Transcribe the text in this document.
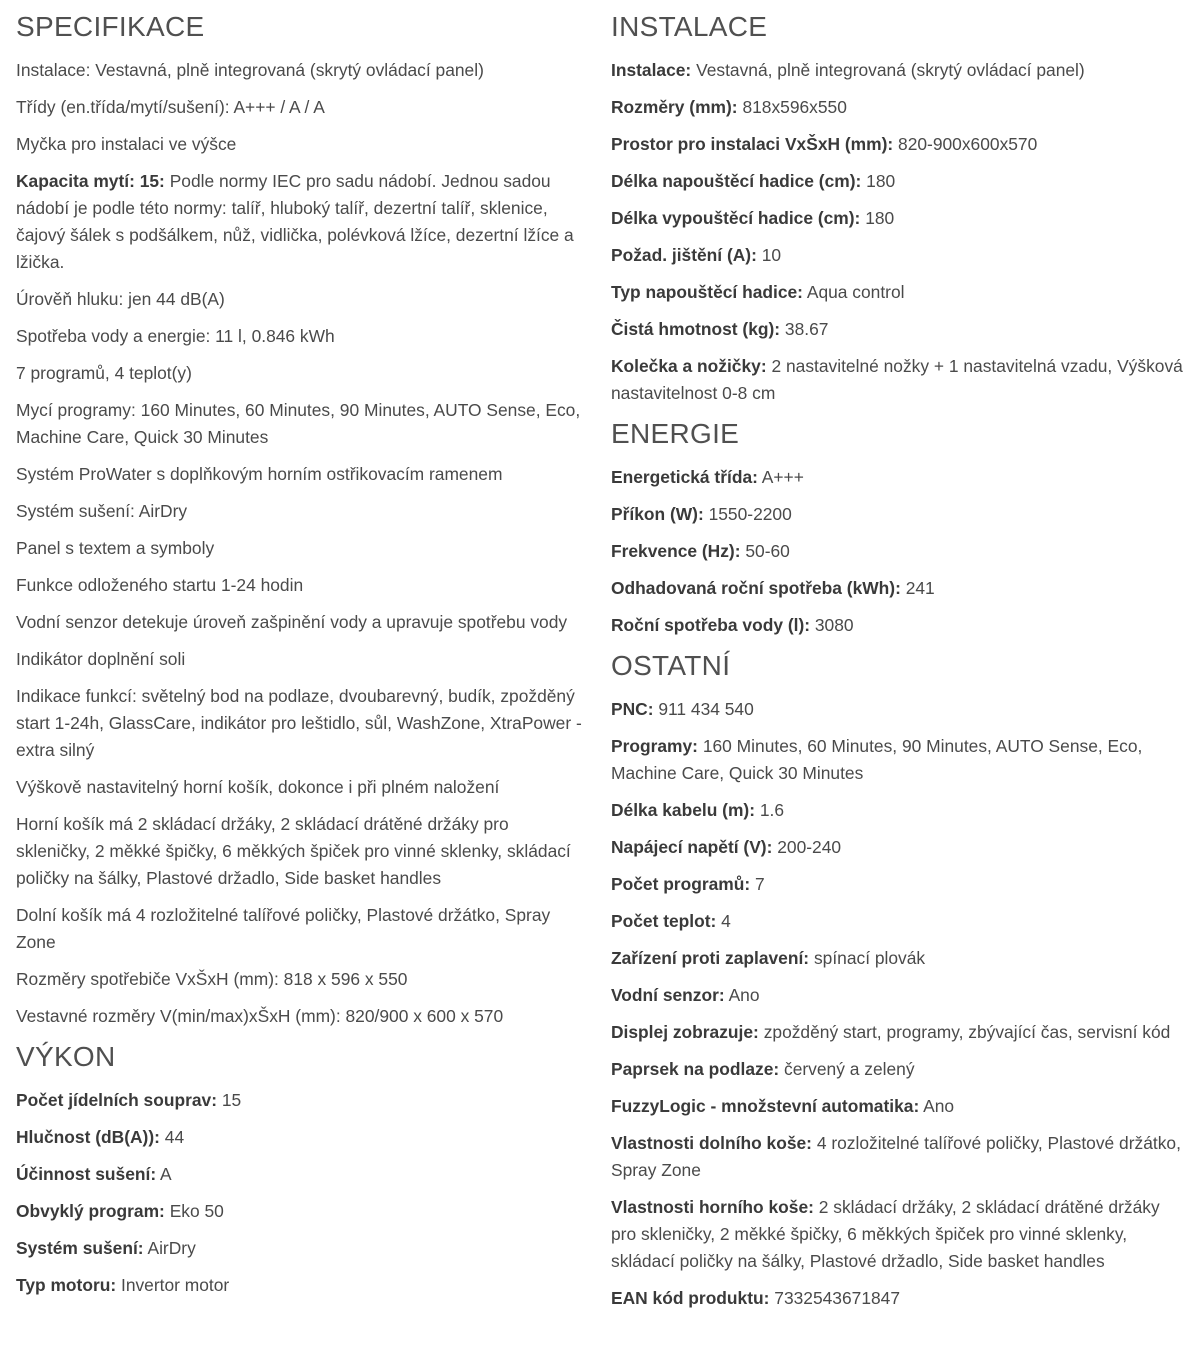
SPECIFIKACE

Instalace: Vestavná, plně integrovaná (skrytý ovládací panel)

Třídy (en.třída/mytí/sušení): A+++ / A / A

Myčka pro instalaci ve výšce

Kapacita mytí: 15: Podle normy IEC pro sadu nádobí. Jednou sadou nádobí je podle této normy: talíř, hluboký talíř, dezertní talíř, sklenice, čajový šálek s podšálkem, nůž, vidlička, polévková lžíce, dezertní lžíce a lžička.

Úrověň hluku: jen 44 dB(A)

Spotřeba vody a energie: 11 l, 0.846 kWh

7 programů, 4 teplot(y)

Mycí programy: 160 Minutes, 60 Minutes, 90 Minutes, AUTO Sense, Eco, Machine Care, Quick 30 Minutes

Systém ProWater s doplňkovým horním ostřikovacím ramenem

Systém sušení: AirDry

Panel s textem a symboly

Funkce odloženého startu 1-24 hodin

Vodní senzor detekuje úroveň zašpinění vody a upravuje spotřebu vody

Indikátor doplnění soli

Indikace funkcí: světelný bod na podlaze, dvoubarevný, budík, zpožděný start 1-24h, GlassCare, indikátor pro leštidlo, sůl, WashZone, XtraPower - extra silný

Výškově nastavitelný horní košík, dokonce i při plném naložení

Horní košík má 2 skládací držáky, 2 skládací drátěné držáky pro skleničky, 2 měkké špičky, 6 měkkých špiček pro vinné sklenky, skládací poličky na šálky, Plastové držadlo, Side basket handles

Dolní košík má 4 rozložitelné talířové poličky, Plastové držátko, Spray Zone

Rozměry spotřebiče VxŠxH (mm): 818 x 596 x 550

Vestavné rozměry V(min/max)xŠxH (mm): 820/900 x 600 x 570

VÝKON

Počet jídelních souprav: 15

Hlučnost (dB(A)): 44

Účinnost sušení: A

Obvyklý program: Eko 50

Systém sušení: AirDry

Typ motoru: Invertor motor

INSTALACE

Instalace: Vestavná, plně integrovaná (skrytý ovládací panel)

Rozměry (mm): 818x596x550

Prostor pro instalaci VxŠxH (mm): 820-900x600x570

Délka napouštěcí hadice (cm): 180

Délka vypouštěcí hadice (cm): 180

Požad. jištění (A): 10

Typ napouštěcí hadice: Aqua control

Čistá hmotnost (kg): 38.67

Kolečka a nožičky: 2 nastavitelné nožky + 1 nastavitelná vzadu, Výšková nastavitelnost 0-8 cm

ENERGIE

Energetická třída: A+++

Příkon (W): 1550-2200

Frekvence (Hz): 50-60

Odhadovaná roční spotřeba (kWh): 241

Roční spotřeba vody (l): 3080

OSTATNÍ

PNC: 911 434 540

Programy: 160 Minutes, 60 Minutes, 90 Minutes, AUTO Sense, Eco, Machine Care, Quick 30 Minutes

Délka kabelu (m): 1.6

Napájecí napětí (V): 200-240

Počet programů: 7

Počet teplot: 4

Zařízení proti zaplavení: spínací plovák

Vodní senzor: Ano

Displej zobrazuje: zpožděný start, programy, zbývající čas, servisní kód

Paprsek na podlaze: červený a zelený

FuzzyLogic - množstevní automatika: Ano

Vlastnosti dolního koše: 4 rozložitelné talířové poličky, Plastové držátko, Spray Zone

Vlastnosti horního koše: 2 skládací držáky, 2 skládací drátěné držáky pro skleničky, 2 měkké špičky, 6 měkkých špiček pro vinné sklenky, skládací poličky na šálky, Plastové držadlo, Side basket handles

EAN kód produktu: 7332543671847
